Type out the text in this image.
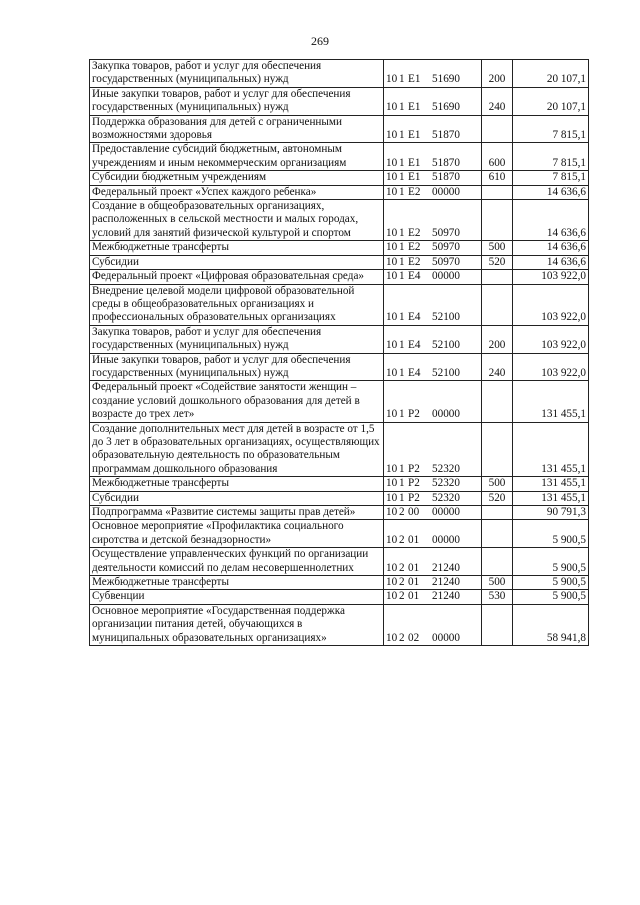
269
Закупка товаров, работ и услуг для обеспечения государственных (муниципальных) нужд	10 1 E1 51690	200	20 107,1
Иные закупки товаров, работ и услуг для обеспечения государственных (муниципальных) нужд	10 1 E1 51690	240	20 107,1
Поддержка образования для детей с ограниченными возможностями здоровья	10 1 E1 51870		7 815,1
Предоставление субсидий бюджетным, автономным учреждениям и иным некоммерческим организациям	10 1 E1 51870	600	7 815,1
Субсидии бюджетным учреждениям	10 1 E1 51870	610	7 815,1
Федеральный проект «Успех каждого ребенка»	10 1 E2 00000		14 636,6
Создание в общеобразовательных организациях, расположенных в сельской местности и малых городах, условий для занятий физической культурой и спортом	10 1 E2 50970		14 636,6
Межбюджетные трансферты	10 1 E2 50970	500	14 636,6
Субсидии	10 1 E2 50970	520	14 636,6
Федеральный проект «Цифровая образовательная среда»	10 1 E4 00000		103 922,0
Внедрение целевой модели цифровой образовательной среды в общеобразовательных организациях и профессиональных образовательных организациях	10 1 E4 52100		103 922,0
Закупка товаров, работ и услуг для обеспечения государственных (муниципальных) нужд	10 1 E4 52100	200	103 922,0
Иные закупки товаров, работ и услуг для обеспечения государственных (муниципальных) нужд	10 1 E4 52100	240	103 922,0
Федеральный проект «Содействие занятости женщин – создание условий дошкольного образования для детей в возрасте до трех лет»	10 1 P2 00000		131 455,1
Создание дополнительных мест для детей в возрасте от 1,5 до 3 лет в образовательных организациях, осуществляющих образовательную деятельность по образовательным программам дошкольного образования	10 1 P2 52320		131 455,1
Межбюджетные трансферты	10 1 P2 52320	500	131 455,1
Субсидии	10 1 P2 52320	520	131 455,1
Подпрограмма «Развитие системы защиты прав детей»	10 2 00 00000		90 791,3
Основное мероприятие «Профилактика социального сиротства и детской безнадзорности»	10 2 01 00000		5 900,5
Осуществление управленческих функций по организации деятельности комиссий по делам несовершеннолетних	10 2 01 21240		5 900,5
Межбюджетные трансферты	10 2 01 21240	500	5 900,5
Субвенции	10 2 01 21240	530	5 900,5
Основное мероприятие «Государственная поддержка организации питания детей, обучающихся в муниципальных образовательных организациях»	10 2 02 00000		58 941,8
